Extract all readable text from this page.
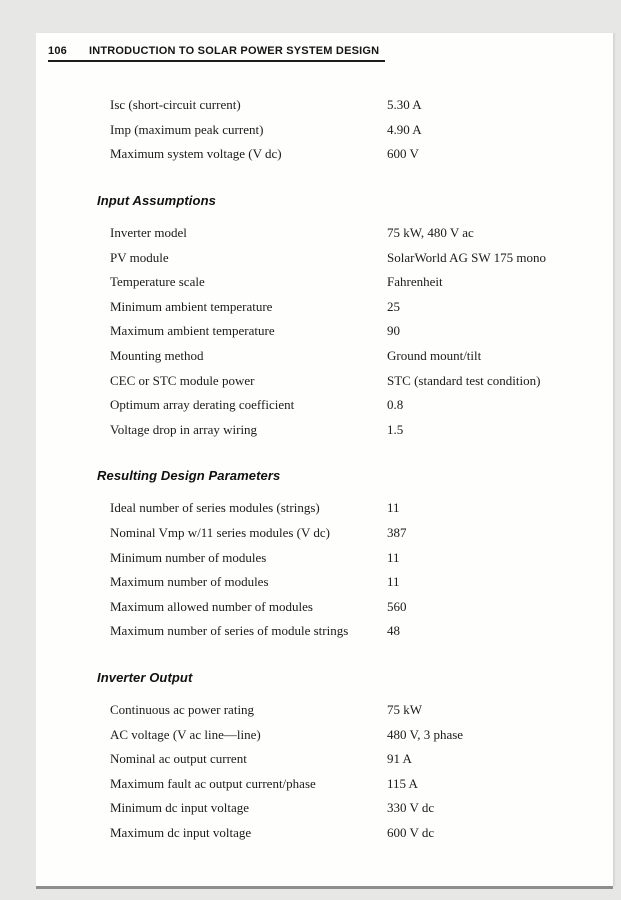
106 INTRODUCTION TO SOLAR POWER SYSTEM DESIGN
Isc (short-circuit current)	5.30 A
Imp (maximum peak current)	4.90 A
Maximum system voltage (V dc)	600 V
Input Assumptions
Inverter model	75 kW, 480 V ac
PV module	SolarWorld AG SW 175 mono
Temperature scale	Fahrenheit
Minimum ambient temperature	25
Maximum ambient temperature	90
Mounting method	Ground mount/tilt
CEC or STC module power	STC (standard test condition)
Optimum array derating coefficient	0.8
Voltage drop in array wiring	1.5
Resulting Design Parameters
Ideal number of series modules (strings)	11
Nominal Vmp w/11 series modules (V dc)	387
Minimum number of modules	11
Maximum number of modules	11
Maximum allowed number of modules	560
Maximum number of series of module strings	48
Inverter Output
Continuous ac power rating	75 kW
AC voltage (V ac line—line)	480 V, 3 phase
Nominal ac output current	91 A
Maximum fault ac output current/phase	115 A
Minimum dc input voltage	330 V dc
Maximum dc input voltage	600 V dc
